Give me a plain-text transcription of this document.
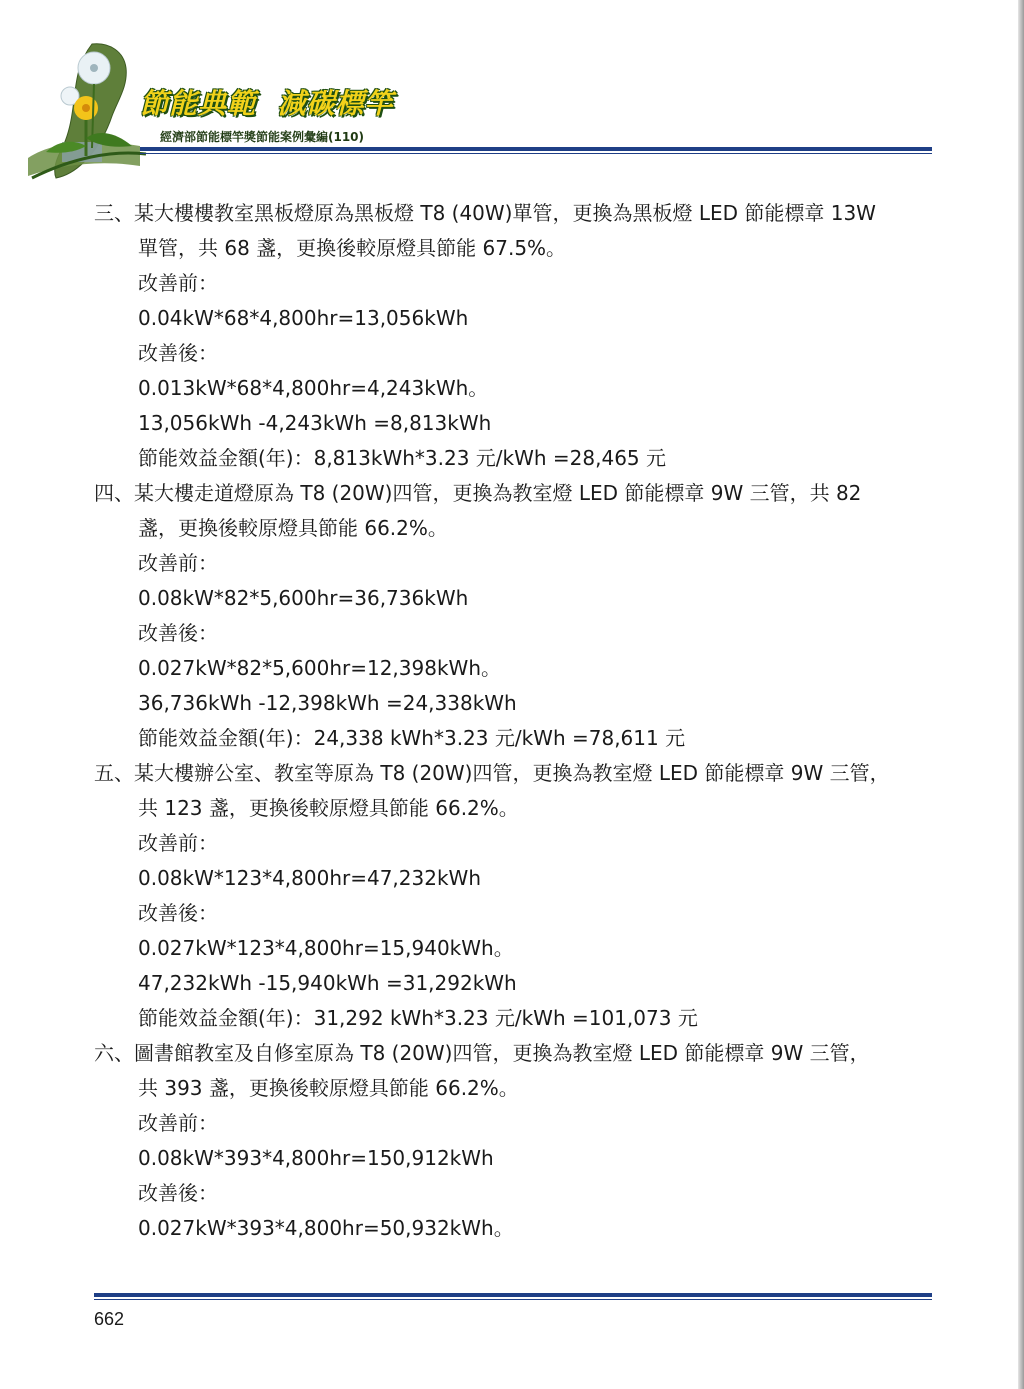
節能典範  減碳標竿
經濟部節能標竿獎節能案例彙編(110)
三、某大樓樓教室黑板燈原為黑板燈 T8 (40W)單管，更換為黑板燈 LED 節能標章 13W
單管，共 68 盞，更換後較原燈具節能 67.5%。
改善前：
0.04kW*68*4,800hr=13,056kWh
改善後：
0.013kW*68*4,800hr=4,243kWh。
13,056kWh -4,243kWh =8,813kWh
節能效益金額(年)：8,813kWh*3.23 元/kWh =28,465 元
四、某大樓走道燈原為 T8 (20W)四管，更換為教室燈 LED 節能標章 9W 三管，共 82
盞，更換後較原燈具節能 66.2%。
改善前：
0.08kW*82*5,600hr=36,736kWh
改善後：
0.027kW*82*5,600hr=12,398kWh。
36,736kWh -12,398kWh =24,338kWh
節能效益金額(年)：24,338 kWh*3.23 元/kWh =78,611 元
五、某大樓辦公室、教室等原為 T8 (20W)四管，更換為教室燈 LED 節能標章 9W 三管，
共 123 盞，更換後較原燈具節能 66.2%。
改善前：
0.08kW*123*4,800hr=47,232kWh
改善後：
0.027kW*123*4,800hr=15,940kWh。
47,232kWh -15,940kWh =31,292kWh
節能效益金額(年)：31,292 kWh*3.23 元/kWh =101,073 元
六、圖書館教室及自修室原為 T8 (20W)四管，更換為教室燈 LED 節能標章 9W 三管，
共 393 盞，更換後較原燈具節能 66.2%。
改善前：
0.08kW*393*4,800hr=150,912kWh
改善後：
0.027kW*393*4,800hr=50,932kWh。
662
